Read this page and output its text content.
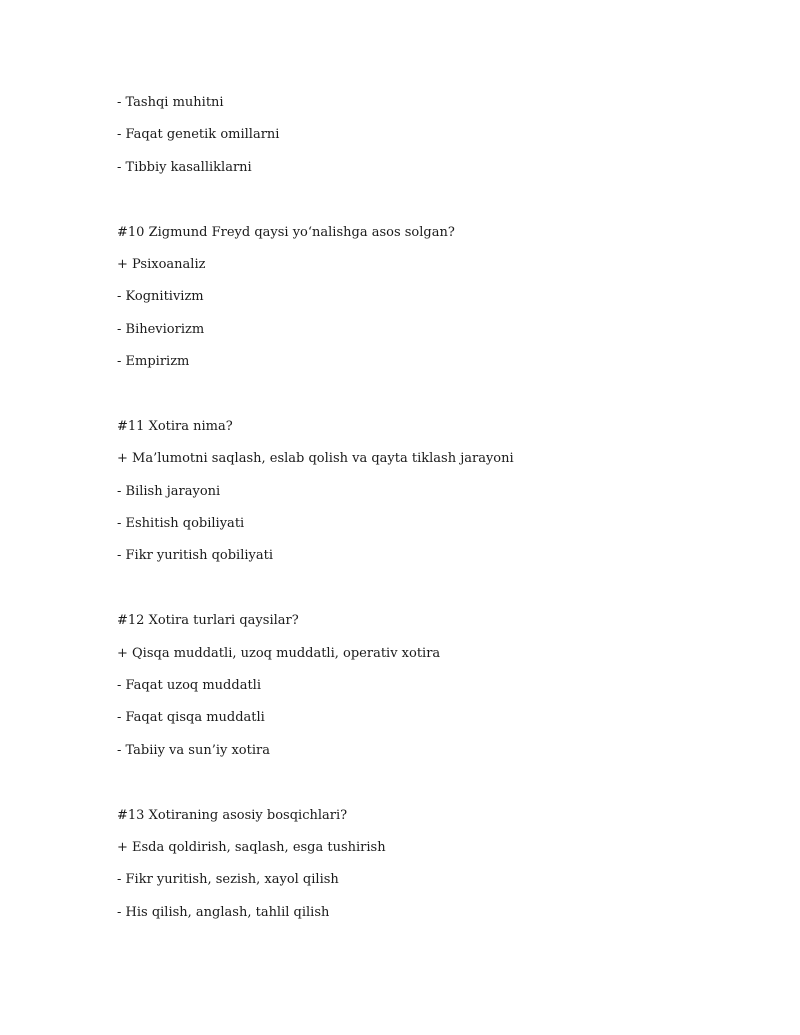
- Tashqi muhitni
- Faqat genetik omillarni
- Tibbiy kasalliklarni
#10 Zigmund Freyd qaysi yo‘nalishga asos solgan?
+ Psixoanaliz
- Kognitivizm
- Biheviorizm
- Empirizm
#11 Xotira nima?
+ Ma’lumotni saqlash, eslab qolish va qayta tiklash jarayoni
- Bilish jarayoni
- Eshitish qobiliyati
- Fikr yuritish qobiliyati
#12 Xotira turlari qaysilar?
+ Qisqa muddatli, uzoq muddatli, operativ xotira
- Faqat uzoq muddatli
- Faqat qisqa muddatli
- Tabiiy va sun’iy xotira
#13 Xotiraning asosiy bosqichlari?
+ Esda qoldirish, saqlash, esga tushirish
- Fikr yuritish, sezish, xayol qilish
- His qilish, anglash, tahlil qilish
